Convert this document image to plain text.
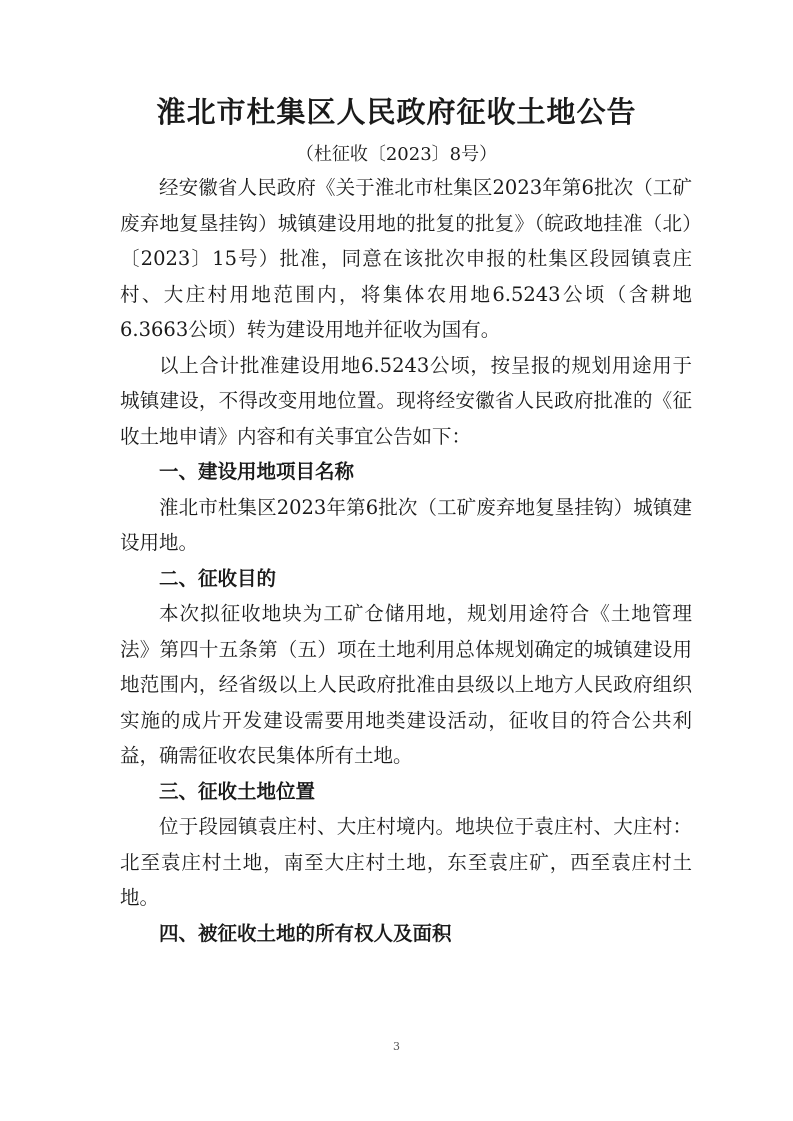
淮北市杜集区人民政府征收土地公告
（杜征收〔2023〕8号）

经安徽省人民政府《关于淮北市杜集区2023年第6批次（工矿废弃地复垦挂钩）城镇建设用地的批复的批复》（皖政地挂准（北）〔2023〕15号）批准，同意在该批次申报的杜集区段园镇袁庄村、大庄村用地范围内，将集体农用地6.5243公顷（含耕地6.3663公顷）转为建设用地并征收为国有。

以上合计批准建设用地6.5243公顷，按呈报的规划用途用于城镇建设，不得改变用地位置。现将经安徽省人民政府批准的《征收土地申请》内容和有关事宜公告如下：

一、建设用地项目名称

淮北市杜集区2023年第6批次（工矿废弃地复垦挂钩）城镇建设用地。

二、征收目的

本次拟征收地块为工矿仓储用地，规划用途符合《土地管理法》第四十五条第（五）项在土地利用总体规划确定的城镇建设用地范围内，经省级以上人民政府批准由县级以上地方人民政府组织实施的成片开发建设需要用地类建设活动，征收目的符合公共利益，确需征收农民集体所有土地。

三、征收土地位置

位于段园镇袁庄村、大庄村境内。地块位于袁庄村、大庄村：北至袁庄村土地，南至大庄村土地，东至袁庄矿，西至袁庄村土地。

四、被征收土地的所有权人及面积

3
